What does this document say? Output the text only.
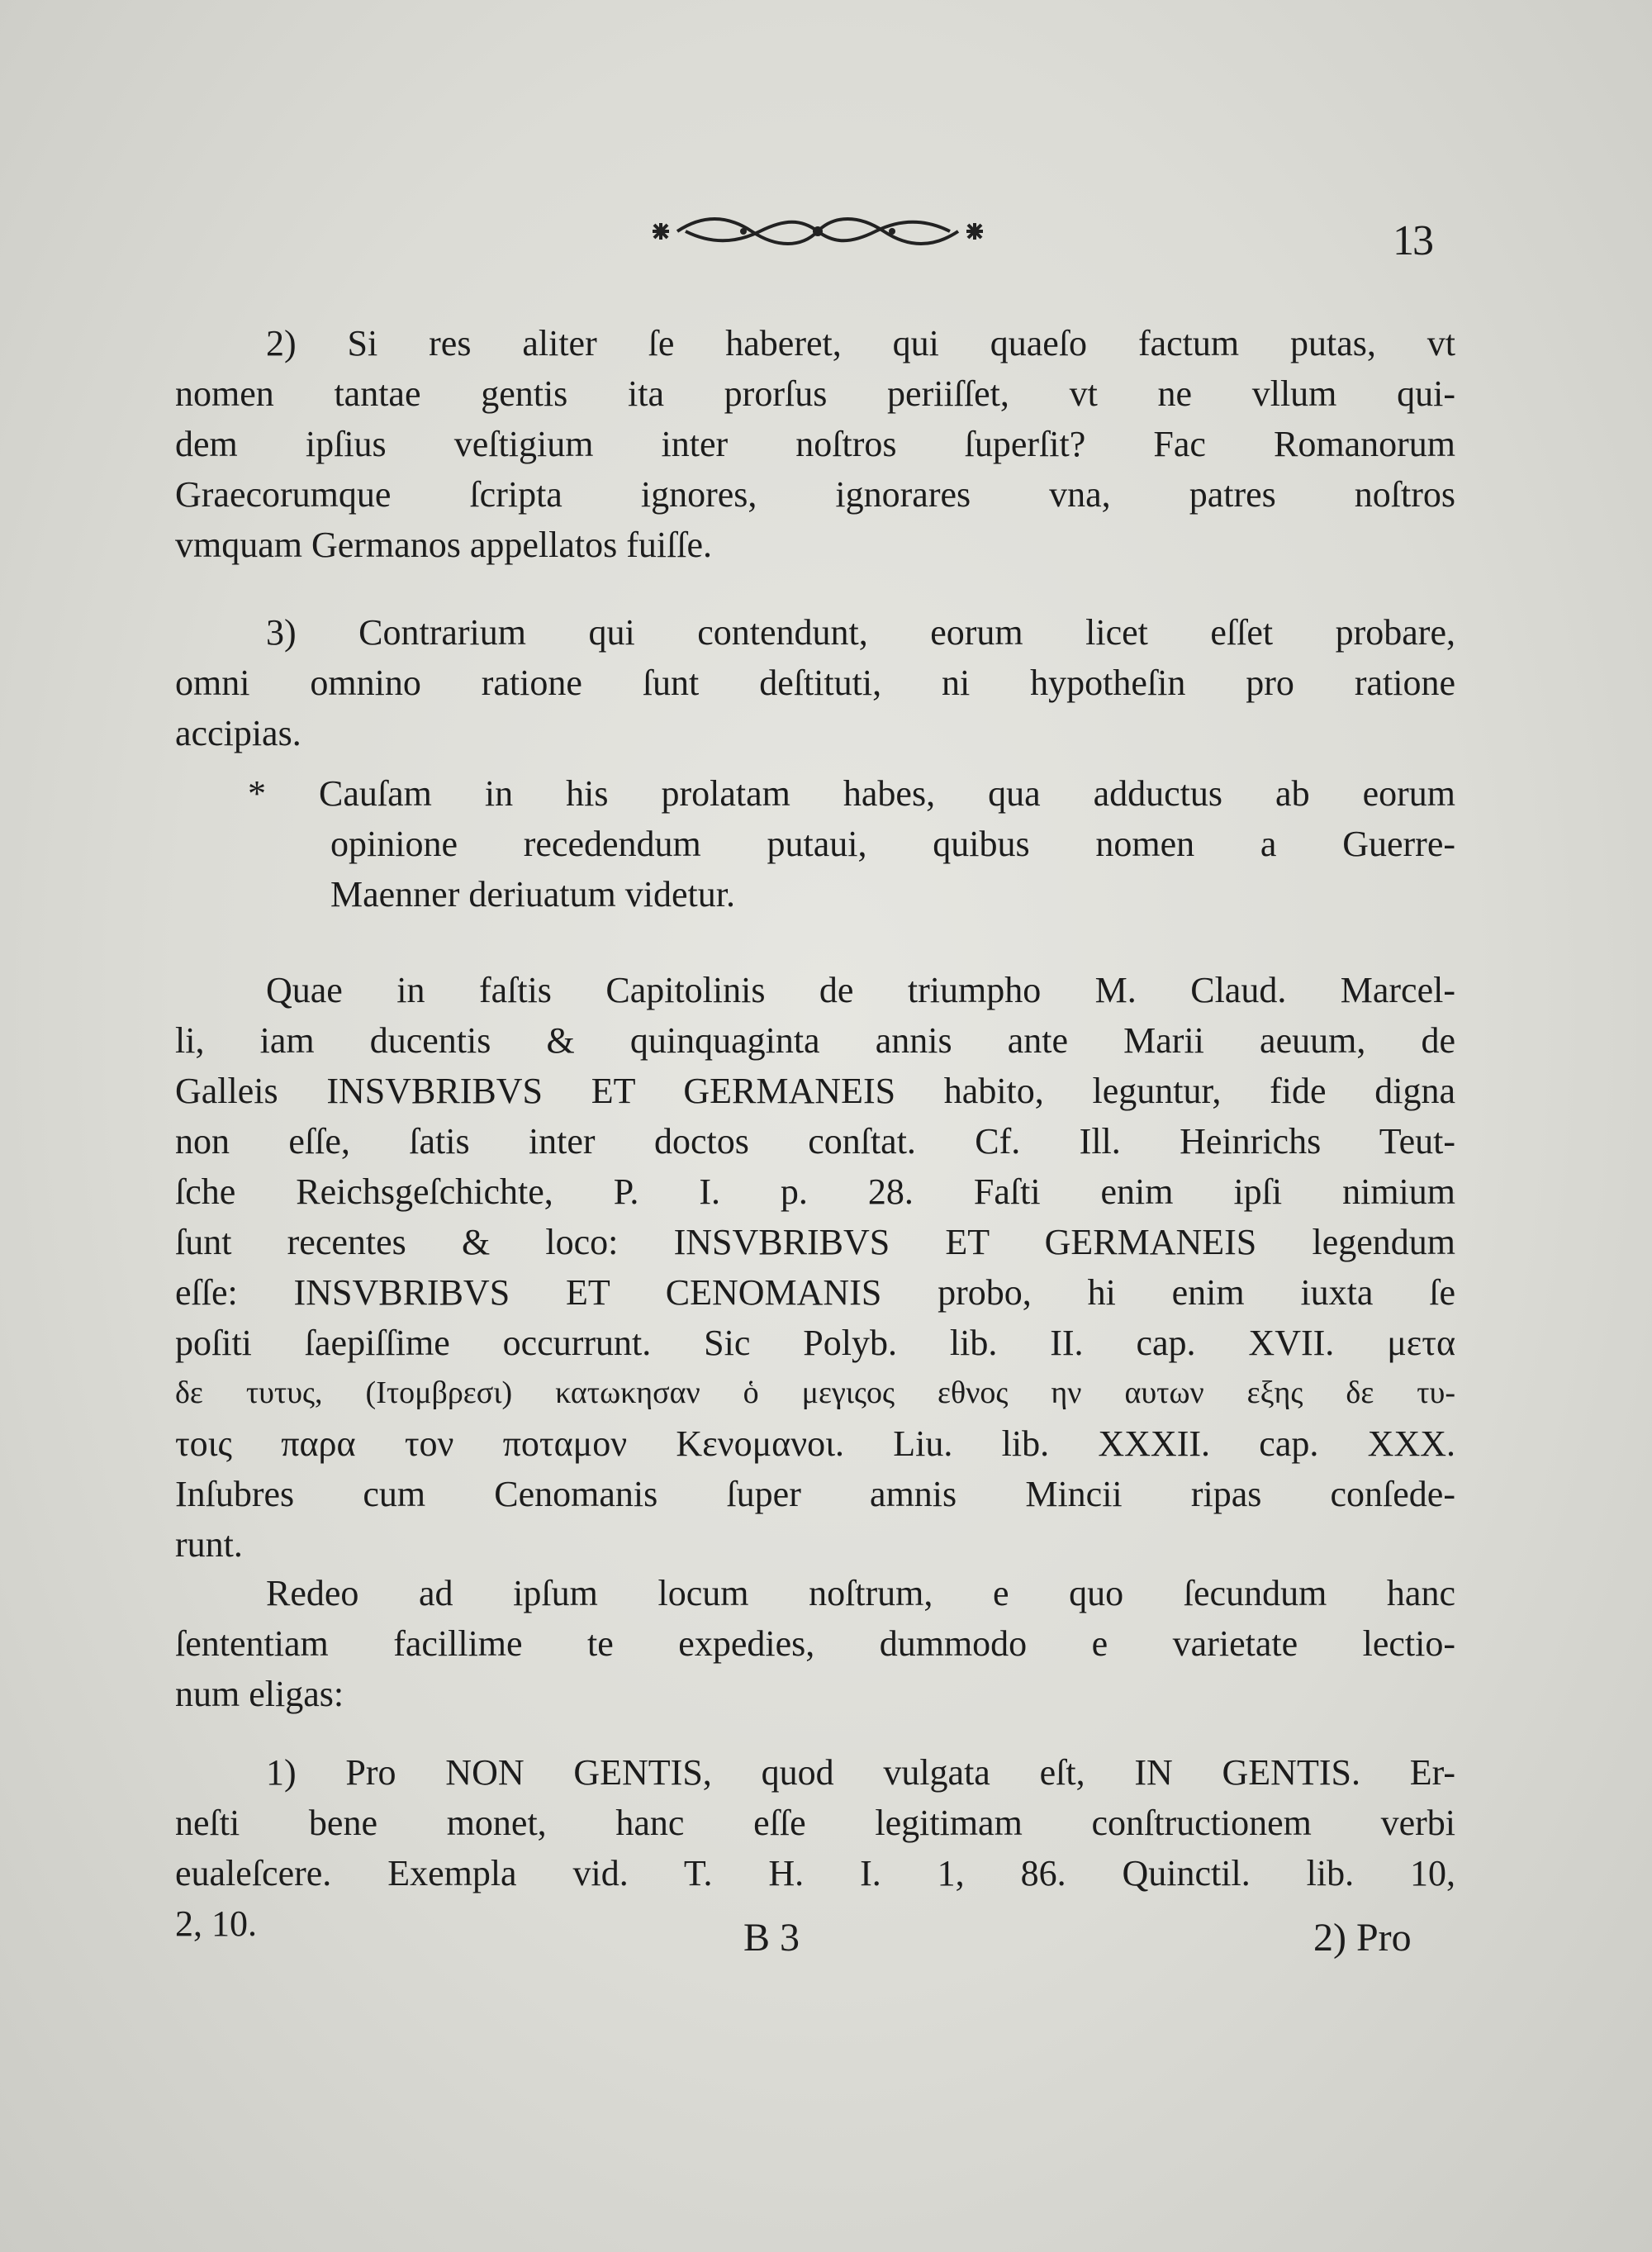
13
2) Si res aliter ſe haberet, qui quaeſo factum putas, vt
nomen tantae gentis ita prorſus periiſſet, vt ne vllum qui-
dem ipſius veſtigium inter noſtros ſuperſit? Fac Romanorum
Graecorumque ſcripta ignores, ignorares vna, patres noſtros
vmquam Germanos appellatos fuiſſe.
3) Contrarium qui contendunt, eorum licet eſſet probare,
omni omnino ratione ſunt deſtituti, ni hypotheſin pro ratione
accipias.
* Cauſam in his prolatam habes, qua adductus ab eorum
opinione recedendum putaui, quibus nomen a Guerre-
Maenner deriuatum videtur.
Quae in faſtis Capitolinis de triumpho M. Claud. Marcel-
li, iam ducentis & quinquaginta annis ante Marii aeuum, de
Galleis INSVBRIBVS ET GERMANEIS habito, leguntur, fide digna
non eſſe, ſatis inter doctos conſtat. Cf. Ill. Heinrichs Teut-
ſche Reichsgeſchichte, P. I. p. 28. Faſti enim ipſi nimium
ſunt recentes & loco: INSVBRIBVS ET GERMANEIS legendum
eſſe: INSVBRIBVS ET CENOMANIS probo, hi enim iuxta ſe
poſiti ſaepiſſime occurrunt. Sic Polyb. lib. II. cap. XVII. μετα
δε τυτυς, (Ιτομβρεσι) κατωκησαν ὁ μεγιςος εθνος ην αυτων εξης δε τυ-
τοις παρα τον ποταμον Κενομανοι. Liu. lib. XXXII. cap. XXX.
Inſubres cum Cenomanis ſuper amnis Mincii ripas conſede-
runt.
Redeo ad ipſum locum noſtrum, e quo ſecundum hanc
ſententiam facillime te expedies, dummodo e varietate lectio-
num eligas:
1) Pro NON GENTIS, quod vulgata eſt, IN GENTIS. Er-
neſti bene monet, hanc eſſe legitimam conſtructionem verbi
eualeſcere. Exempla vid. T. H. I. 1, 86. Quinctil. lib. 10,
2, 10.	B 3	2) Pro
